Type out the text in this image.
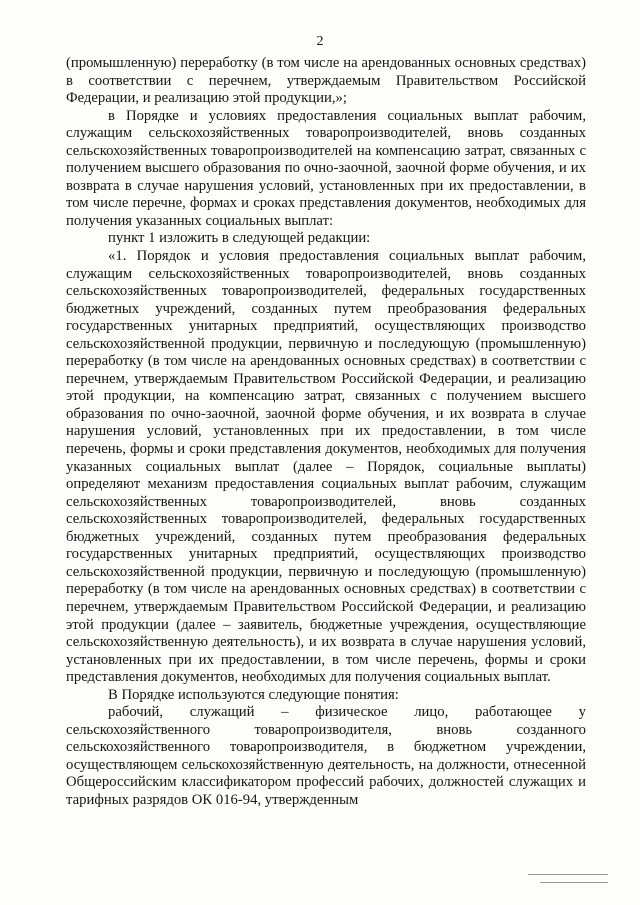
2

(промышленную) переработку (в том числе на арендованных основных средствах) в соответствии с перечнем, утверждаемым Правительством Российской Федерации, и реализацию этой продукции,»;

в Порядке и условиях предоставления социальных выплат рабочим, служащим сельскохозяйственных товаропроизводителей, вновь созданных сельскохозяйственных товаропроизводителей на компенсацию затрат, связанных с получением высшего образования по очно-заочной, заочной форме обучения, и их возврата в случае нарушения условий, установленных при их предоставлении, в том числе перечне, формах и сроках представления документов, необходимых для получения указанных социальных выплат:

пункт 1 изложить в следующей редакции:

«1. Порядок и условия предоставления социальных выплат рабочим, служащим сельскохозяйственных товаропроизводителей, вновь созданных сельскохозяйственных товаропроизводителей, федеральных государственных бюджетных учреждений, созданных путем преобразования федеральных государственных унитарных предприятий, осуществляющих производство сельскохозяйственной продукции, первичную и последующую (промышленную) переработку (в том числе на арендованных основных средствах) в соответствии с перечнем, утверждаемым Правительством Российской Федерации, и реализацию этой продукции, на компенсацию затрат, связанных с получением высшего образования по очно-заочной, заочной форме обучения, и их возврата в случае нарушения условий, установленных при их предоставлении, в том числе перечень, формы и сроки представления документов, необходимых для получения указанных социальных выплат (далее – Порядок, социальные выплаты) определяют механизм предоставления социальных выплат рабочим, служащим сельскохозяйственных товаропроизводителей, вновь созданных сельскохозяйственных товаропроизводителей, федеральных государственных бюджетных учреждений, созданных путем преобразования федеральных государственных унитарных предприятий, осуществляющих производство сельскохозяйственной продукции, первичную и последующую (промышленную) переработку (в том числе на арендованных основных средствах) в соответствии с перечнем, утверждаемым Правительством Российской Федерации, и реализацию этой продукции (далее – заявитель, бюджетные учреждения, осуществляющие сельскохозяйственную деятельность), и их возврата в случае нарушения условий, установленных при их предоставлении, в том числе перечень, формы и сроки представления документов, необходимых для получения социальных выплат.

В Порядке используются следующие понятия:

рабочий, служащий – физическое лицо, работающее у сельскохозяйственного товаропроизводителя, вновь созданного сельскохозяйственного товаропроизводителя, в бюджетном учреждении, осуществляющем сельскохозяйственную деятельность, на должности, отнесенной Общероссийским классификатором профессий рабочих, должностей служащих и тарифных разрядов ОК 016-94, утвержденным
